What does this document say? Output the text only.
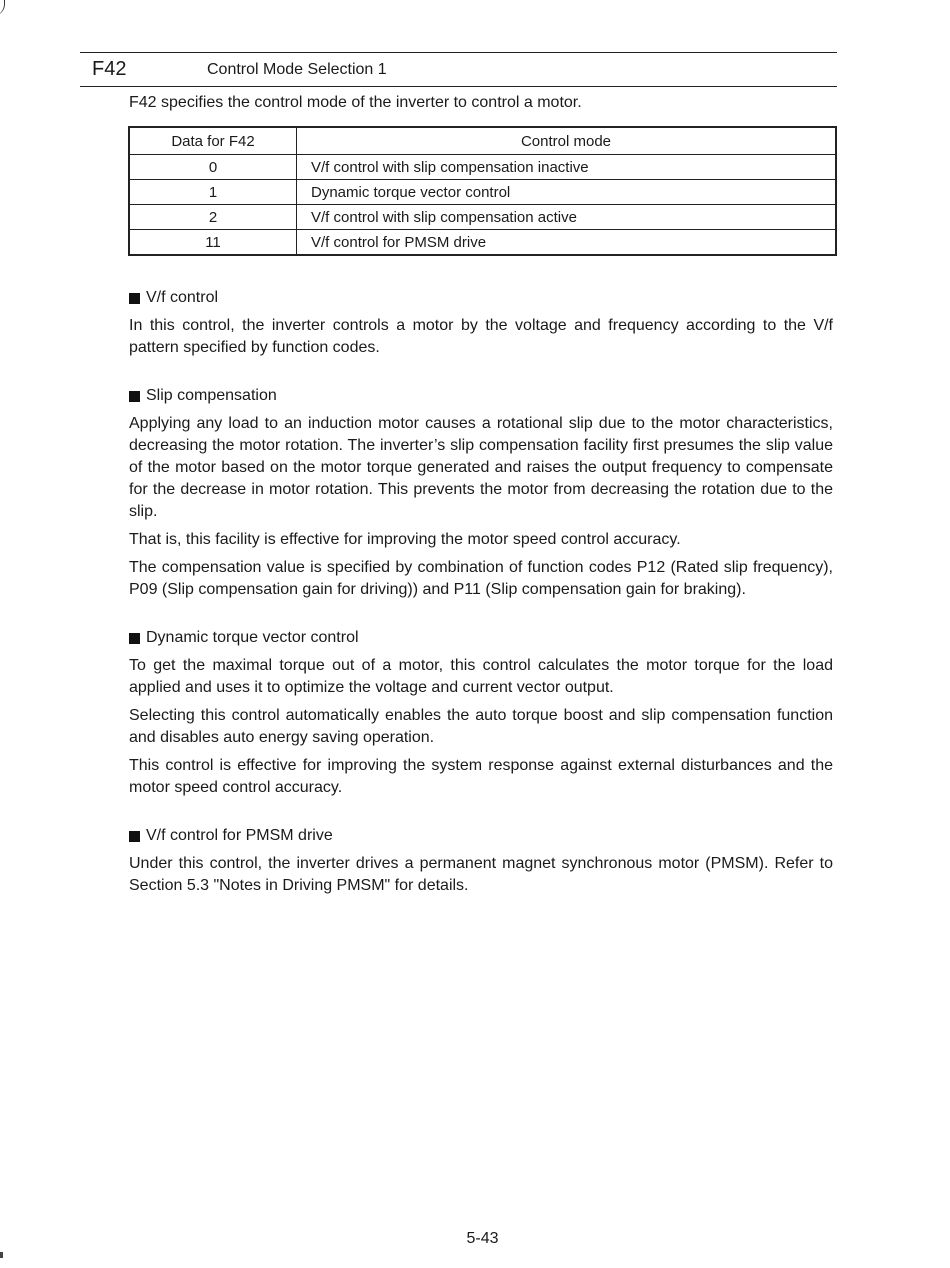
F42	Control Mode Selection 1
F42 specifies the control mode of the inverter to control a motor.
Data for F42	Control mode
0	V/f control with slip compensation inactive
1	Dynamic torque vector control
2	V/f control with slip compensation active
11	V/f control for PMSM drive
V/f control

In this control, the inverter controls a motor by the voltage and frequency according to the V/f pattern specified by function codes.

Slip compensation

Applying any load to an induction motor causes a rotational slip due to the motor characteristics, decreasing the motor rotation. The inverter’s slip compensation facility first presumes the slip value of the motor based on the motor torque generated and raises the output frequency to compensate for the decrease in motor rotation. This prevents the motor from decreasing the rotation due to the slip.

That is, this facility is effective for improving the motor speed control accuracy.

The compensation value is specified by combination of function codes P12 (Rated slip frequency), P09 (Slip compensation gain for driving)) and P11 (Slip compensation gain for braking).

Dynamic torque vector control

To get the maximal torque out of a motor, this control calculates the motor torque for the load applied and uses it to optimize the voltage and current vector output.

Selecting this control automatically enables the auto torque boost and slip compensation function and disables auto energy saving operation.

This control is effective for improving the system response against external disturbances and the motor speed control accuracy.

V/f control for PMSM drive

Under this control, the inverter drives a permanent magnet synchronous motor (PMSM). Refer to Section 5.3 "Notes in Driving PMSM" for details.

5-43
